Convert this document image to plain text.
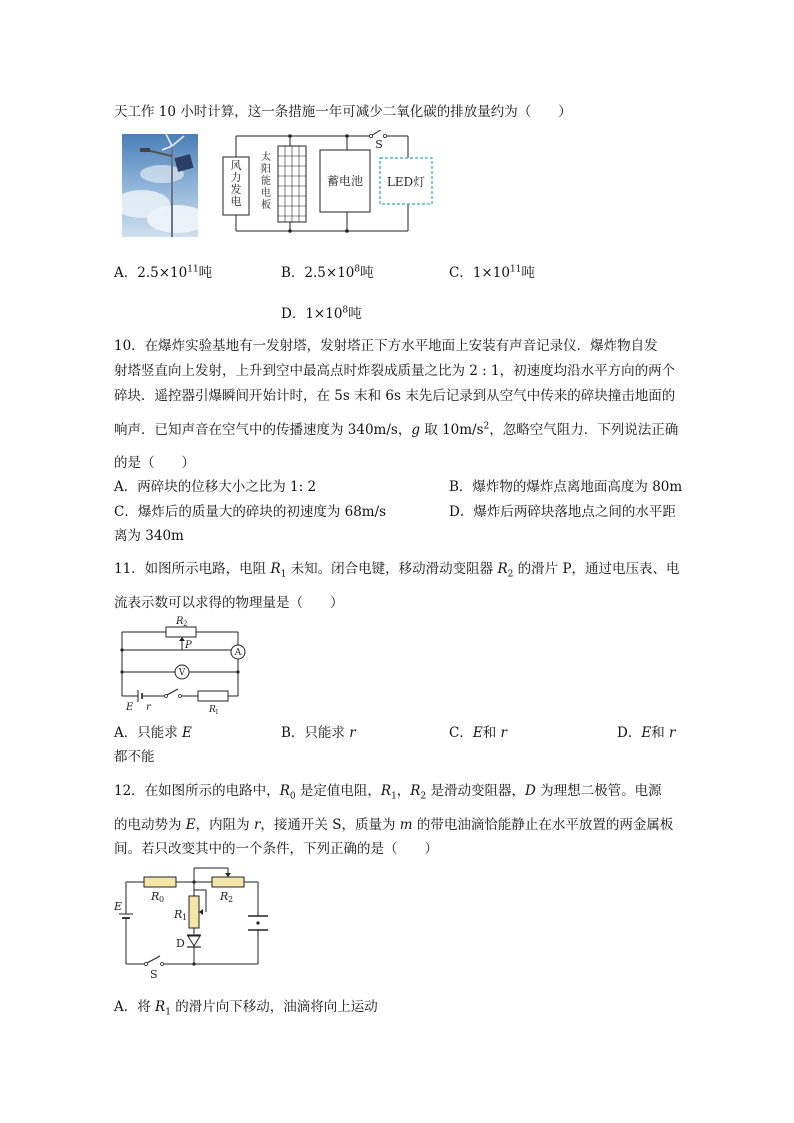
天工作 10 小时计算，这一条措施一年可减少二氧化碳的排放量约为（　　）
风
力
发
电
太
阳
能
电
板
蓄电池 LED灯
S
A．$2.5\times 10^{11}$吨	B．$2.5\times 10^8$吨	C．$1\times 10^{11}$吨
D．$1\times 10^8$吨
10．在爆炸实验基地有一发射塔，发射塔正下方水平地面上安装有声音记录仪．爆炸物自发
射塔竖直向上发射，上升到空中最高点时炸裂成质量之比为 2 : 1，初速度均沿水平方向的两个
碎块．遥控器引爆瞬间开始计时，在 5s 末和 6s 末先后记录到从空气中传来的碎块撞击地面的
响声．已知声音在空气中的传播速度为 340m/s，g 取 $10m/s^2$，忽略空气阻力．下列说法正确
的是（　　）
A．两碎块的位移大小之比为 1: 2	B．爆炸物的爆炸点离地面高度为 80m
C．爆炸后的质量大的碎块的初速度为 68m/s	D．爆炸后两碎块落地点之间的水平距
离为 340m
11．如图所示电路，电阻 $R_1$ 未知。闭合电键，移动滑动变阻器 $R_2$ 的滑片 P，通过电压表、电
流表示数可以求得的物理量是（　　）
R 2
P
A
V
E r	R 1
A．只能求 E	B．只能求 r	C．E和 r	D．E和 r
都不能
12．在如图所示的电路中，$R_0$ 是定值电阻，$R_1$，$R_2$ 是滑动变阻器，D 为理想二极管。电源
的电动势为 E，内阻为 r，接通开关 S，质量为 m 的带电油滴恰能静止在水平放置的两金属板
间。若只改变其中的一个条件，下列正确的是（　　）
E
R 0	R 2
R 1
D
S
A．将 $R_1$ 的滑片向下移动，油滴将向上运动
